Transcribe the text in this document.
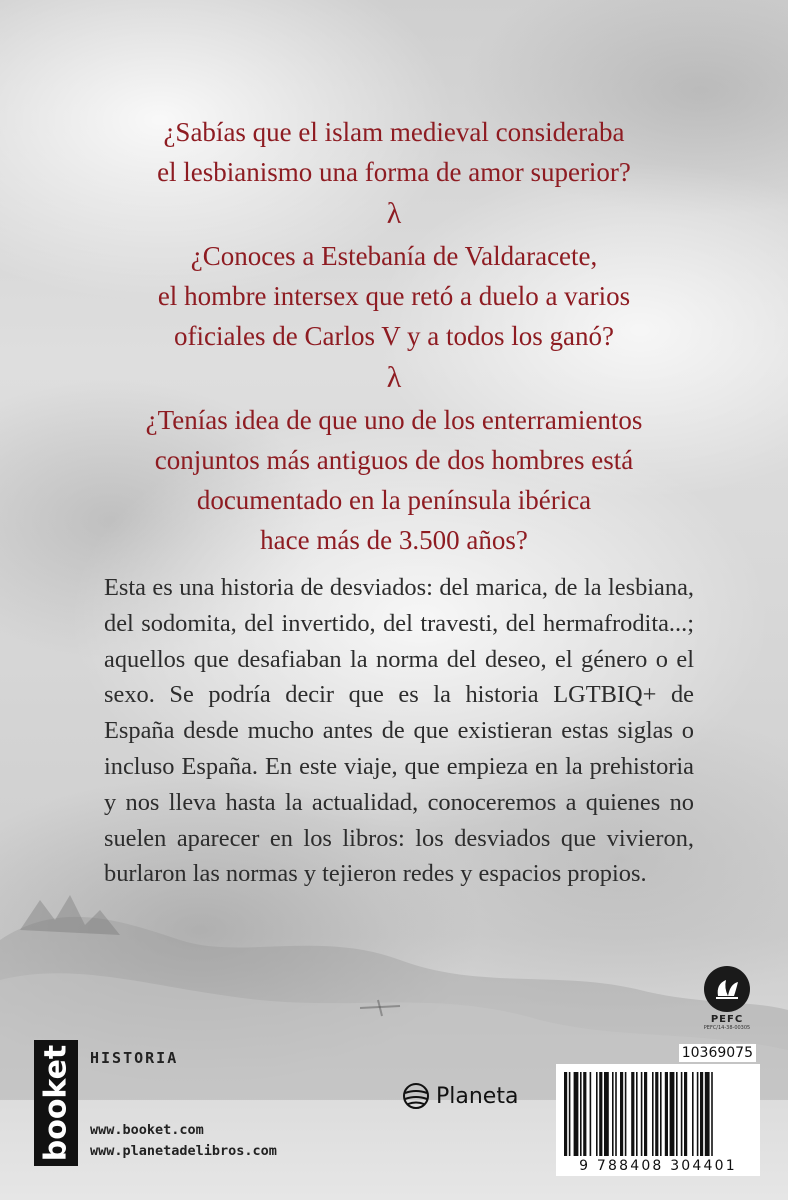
¿Sabías que el islam medieval consideraba
el lesbianismo una forma de amor superior?

λ

¿Conoces a Estebanía de Valdaracete,
el hombre intersex que retó a duelo a varios
oficiales de Carlos V y a todos los ganó?

λ

¿Tenías idea de que uno de los enterramientos
conjuntos más antiguos de dos hombres está
documentado en la península ibérica
hace más de 3.500 años?

Esta es una historia de desviados: del marica, de la lesbiana, del sodomita, del invertido, del travesti, del hermafrodita...; aquellos que desafiaban la norma del deseo, el género o el sexo. Se podría decir que es la historia LGTBIQ+ de España desde mucho antes de que existieran estas siglas o incluso España. En este viaje, que empieza en la prehistoria y nos lleva hasta la actualidad, conoceremos a quienes no suelen aparecer en los libros: los desviados que vivieron, burlaron las normas y tejieron redes y espacios propios.

booket HISTORIA
www.booket.com
www.planetadelibros.com
Planeta
PEFC
PEFC/14-38-00305
10369075
9 788408 304401
